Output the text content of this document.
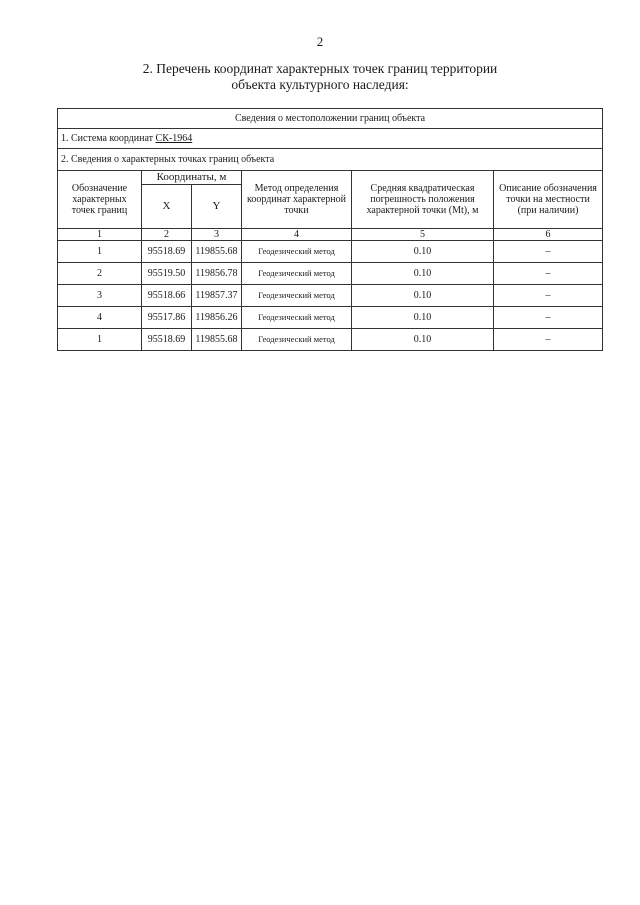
2
2. Перечень координат характерных точек границ территории
объекта культурного наследия:
Сведения о местоположении границ объекта					
1. Система координат СК-1964					
2. Сведения о характерных точках границ объекта					
Обозначение характерных точек границ	Координаты, м		Метод определения координат характерной точки	Средняя квадратическая погрешность положения характерной точки (Mt), м	Описание обозначения точки на местности (при наличии)
	X	Y			
1	2	3	4	5	6
1	95518.69	119855.68	Геодезический метод	0.10	–
2	95519.50	119856.78	Геодезический метод	0.10	–
3	95518.66	119857.37	Геодезический метод	0.10	–
4	95517.86	119856.26	Геодезический метод	0.10	–
1	95518.69	119855.68	Геодезический метод	0.10	–
